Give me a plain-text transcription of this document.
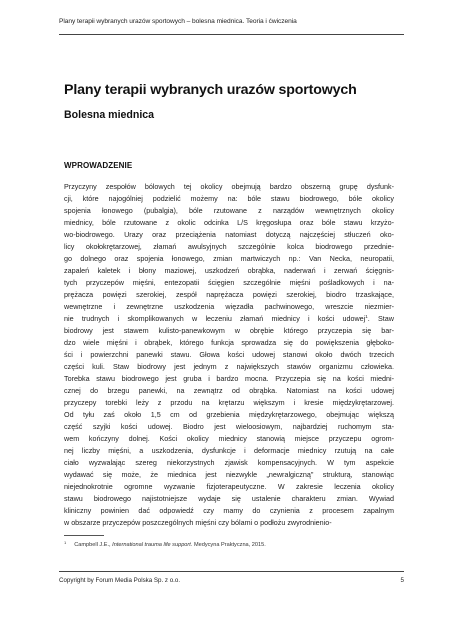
Plany terapii wybranych urazów sportowych – bolesna miednica. Teoria i ćwiczenia
Plany terapii wybranych urazów sportowych
Bolesna miednica
WPROWADZENIE
Przyczyny zespołów bólowych tej okolicy obejmują bardzo obszerną grupę dysfunk-
cji, które najogólniej podzielić możemy na: bóle stawu biodrowego, bóle okolicy
spojenia łonowego (pubalgia), bóle rzutowane z narządów wewnętrznych okolicy
miednicy, bóle rzutowane z okolic odcinka L/S kręgosłupa oraz bóle stawu krzyżo-
wo-biodrowego. Urazy oraz przeciążenia natomiast dotyczą najczęściej stłuczeń oko-
licy okołokrętarzowej, złamań awulsyjnych szczególnie kolca biodrowego przednie-
go dolnego oraz spojenia łonowego, zmian martwiczych np.: Van Necka, neuropatii,
zapaleń kaletek i błony maziowej, uszkodzeń obrąbka, naderwań i zerwań ścięgnis-
tych przyczepów mięśni, entezopatii ścięgien szczególnie mięśni pośladkowych i na-
prężacza powięzi szerokiej, zespół naprężacza powięzi szerokiej, biodro trzaskające,
wewnętrzne i zewnętrzne uszkodzenia więzadła pachwinowego, wreszcie niezmier-
nie trudnych i skomplikowanych w leczeniu złamań miednicy i kości udowej$^1$. Staw
biodrowy jest stawem kulisto-panewkowym w obrębie którego przyczepia się bar-
dzo wiele mięśni i obrąbek, którego funkcja sprowadza się do powiększenia głęboko-
ści i powierzchni panewki stawu. Głowa kości udowej stanowi około dwóch trzecich
części kuli. Staw biodrowy jest jednym z największych stawów organizmu człowieka.
Torebka stawu biodrowego jest gruba i bardzo mocna. Przyczepia się na kości miedni-
cznej do brzegu panewki, na zewnątrz od obrąbka. Natomiast na kości udowej
przyczepy torebki leży z przodu na krętarzu większym i kresie międzykrętarzowej.
Od tyłu zaś około 1,5 cm od grzebienia międzykrętarzowego, obejmując większą
część szyjki kości udowej. Biodro jest wieloosiowym, najbardziej ruchomym sta-
wem kończyny dolnej. Kości okolicy miednicy stanowią miejsce przyczepu ogrom-
nej liczby mięśni, a uszkodzenia, dysfunkcje i deformacje miednicy rzutują na całe
ciało wyzwalając szereg niekorzystnych zjawisk kompensacyjnych. W tym aspekcie
wydawać się może, że miednica jest niezwykle „newralgiczną" strukturą, stanowiąc
niejednokrotnie ogromne wyzwanie fizjoterapeutyczne. W zakresie leczenia okolicy
stawu biodrowego najistotniejsze wydaje się ustalenie charakteru zmian. Wywiad
kliniczny powinien dać odpowiedź czy mamy do czynienia z procesem zapalnym
w obszarze przyczepów poszczególnych mięśni czy bólami o podłożu zwyrodnienio-
$^1$ Campbell J.E., International trauma life support. Medycyna Praktyczna, 2015.
Copyright by Forum Media Polska Sp. z o.o.	5
